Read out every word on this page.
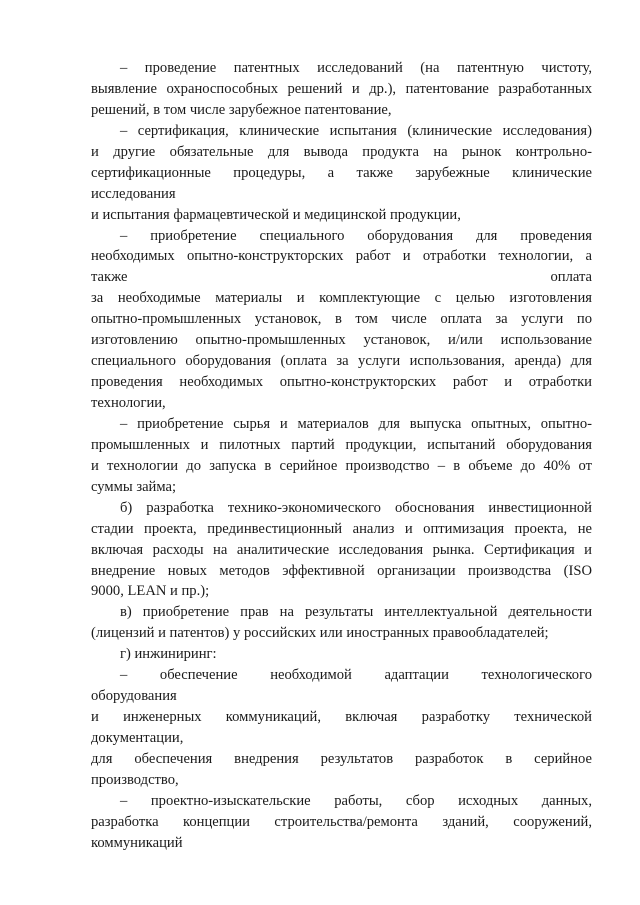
– проведение патентных исследований (на патентную чистоту,
выявление охраноспособных решений и др.), патентование разработанных
решений, в том числе зарубежное патентование,
– сертификация, клинические испытания (клинические исследования)
и другие обязательные для вывода продукта на рынок контрольно-
сертификационные процедуры, а также зарубежные клинические
исследования
и испытания фармацевтической и медицинской продукции,
– приобретение специального оборудования для проведения
необходимых опытно-конструкторских работ и отработки технологии, а
также оплата
за необходимые материалы и комплектующие с целью изготовления
опытно-промышленных установок, в том числе оплата за услуги по
изготовлению опытно-промышленных установок, и/или использование
специального оборудования (оплата за услуги использования, аренда) для
проведения необходимых опытно-конструкторских работ и отработки
технологии,
– приобретение сырья и материалов для выпуска опытных, опытно-
промышленных и пилотных партий продукции, испытаний оборудования
и технологии до запуска в серийное производство – в объеме до 40% от
суммы займа;
б) разработка технико-экономического обоснования инвестиционной
стадии проекта, прединвестиционный анализ и оптимизация проекта, не
включая расходы на аналитические исследования рынка. Сертификация и
внедрение новых методов эффективной организации производства (ISO
9000, LEAN и пр.);
в) приобретение прав на результаты интеллектуальной деятельности
(лицензий и патентов) у российских или иностранных правообладателей;
г) инжиниринг:
– обеспечение необходимой адаптации технологического
оборудования
и инженерных коммуникаций, включая разработку технической
документации,
для обеспечения внедрения результатов разработок в серийное
производство,
– проектно-изыскательские работы, сбор исходных данных,
разработка концепции строительства/ремонта зданий, сооружений,
коммуникаций
